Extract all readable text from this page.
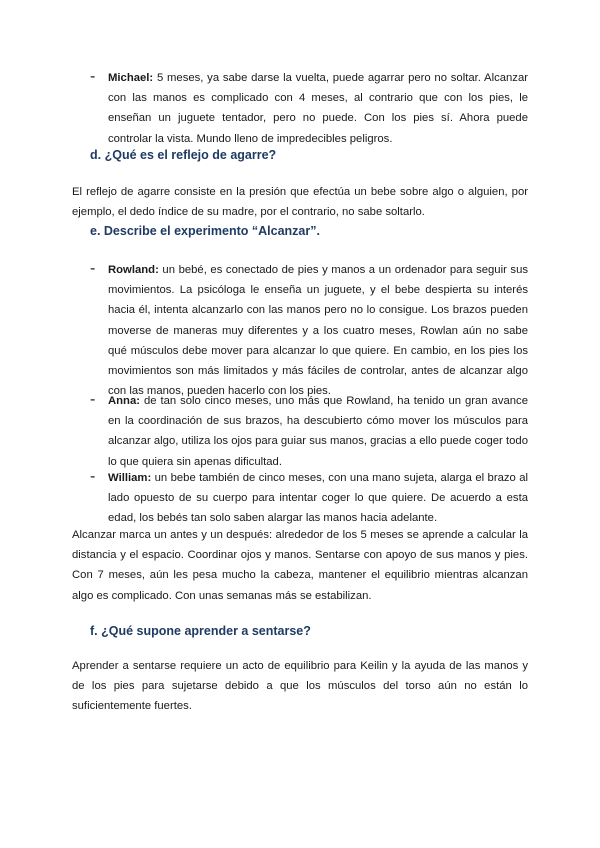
-	Michael: 5 meses, ya sabe darse la vuelta, puede agarrar pero no soltar. Alcanzar con las manos es complicado con 4 meses, al contrario que con los pies, le enseñan un juguete tentador, pero no puede. Con los pies sí. Ahora puede controlar la vista. Mundo lleno de impredecibles peligros.

d. ¿Qué es el reflejo de agarre?

El reflejo de agarre consiste en la presión que efectúa un bebe sobre algo o alguien, por ejemplo, el dedo índice de su madre, por el contrario, no sabe soltarlo.

e. Describe el experimento “Alcanzar”.
-	Rowland: un bebé, es conectado de pies y manos a un ordenador para seguir sus movimientos. La psicóloga le enseña un juguete, y el bebe despierta su interés hacia él, intenta alcanzarlo con las manos pero no lo consigue. Los brazos pueden moverse de maneras muy diferentes y a los cuatro meses, Rowlan aún no sabe qué músculos debe mover para alcanzar lo que quiere. En cambio, en los pies los movimientos son más limitados y más fáciles de controlar, antes de alcanzar algo con las manos, pueden hacerlo con los pies.

-	Anna: de tan solo cinco meses, uno más que Rowland, ha tenido un gran avance en la coordinación de sus brazos, ha descubierto cómo mover los músculos para alcanzar algo, utiliza los ojos para guiar sus manos, gracias a ello puede coger todo lo que quiera sin apenas dificultad.

-	William: un bebe también de cinco meses, con una mano sujeta, alarga el brazo al lado opuesto de su cuerpo para intentar coger lo que quiere. De acuerdo a esta edad, los bebés tan solo saben alargar las manos hacia adelante.

Alcanzar marca un antes y un después: alrededor de los 5 meses se aprende a calcular la distancia y el espacio. Coordinar ojos y manos. Sentarse con apoyo de sus manos y pies. Con 7 meses, aún les pesa mucho la cabeza, mantener el equilibrio mientras alcanzan algo es complicado. Con unas semanas más se estabilizan.

f. ¿Qué supone aprender a sentarse?

Aprender a sentarse requiere un acto de equilibrio para Keilin y la ayuda de las manos y de los pies para sujetarse debido a que los músculos del torso aún no están lo suficientemente fuertes.
